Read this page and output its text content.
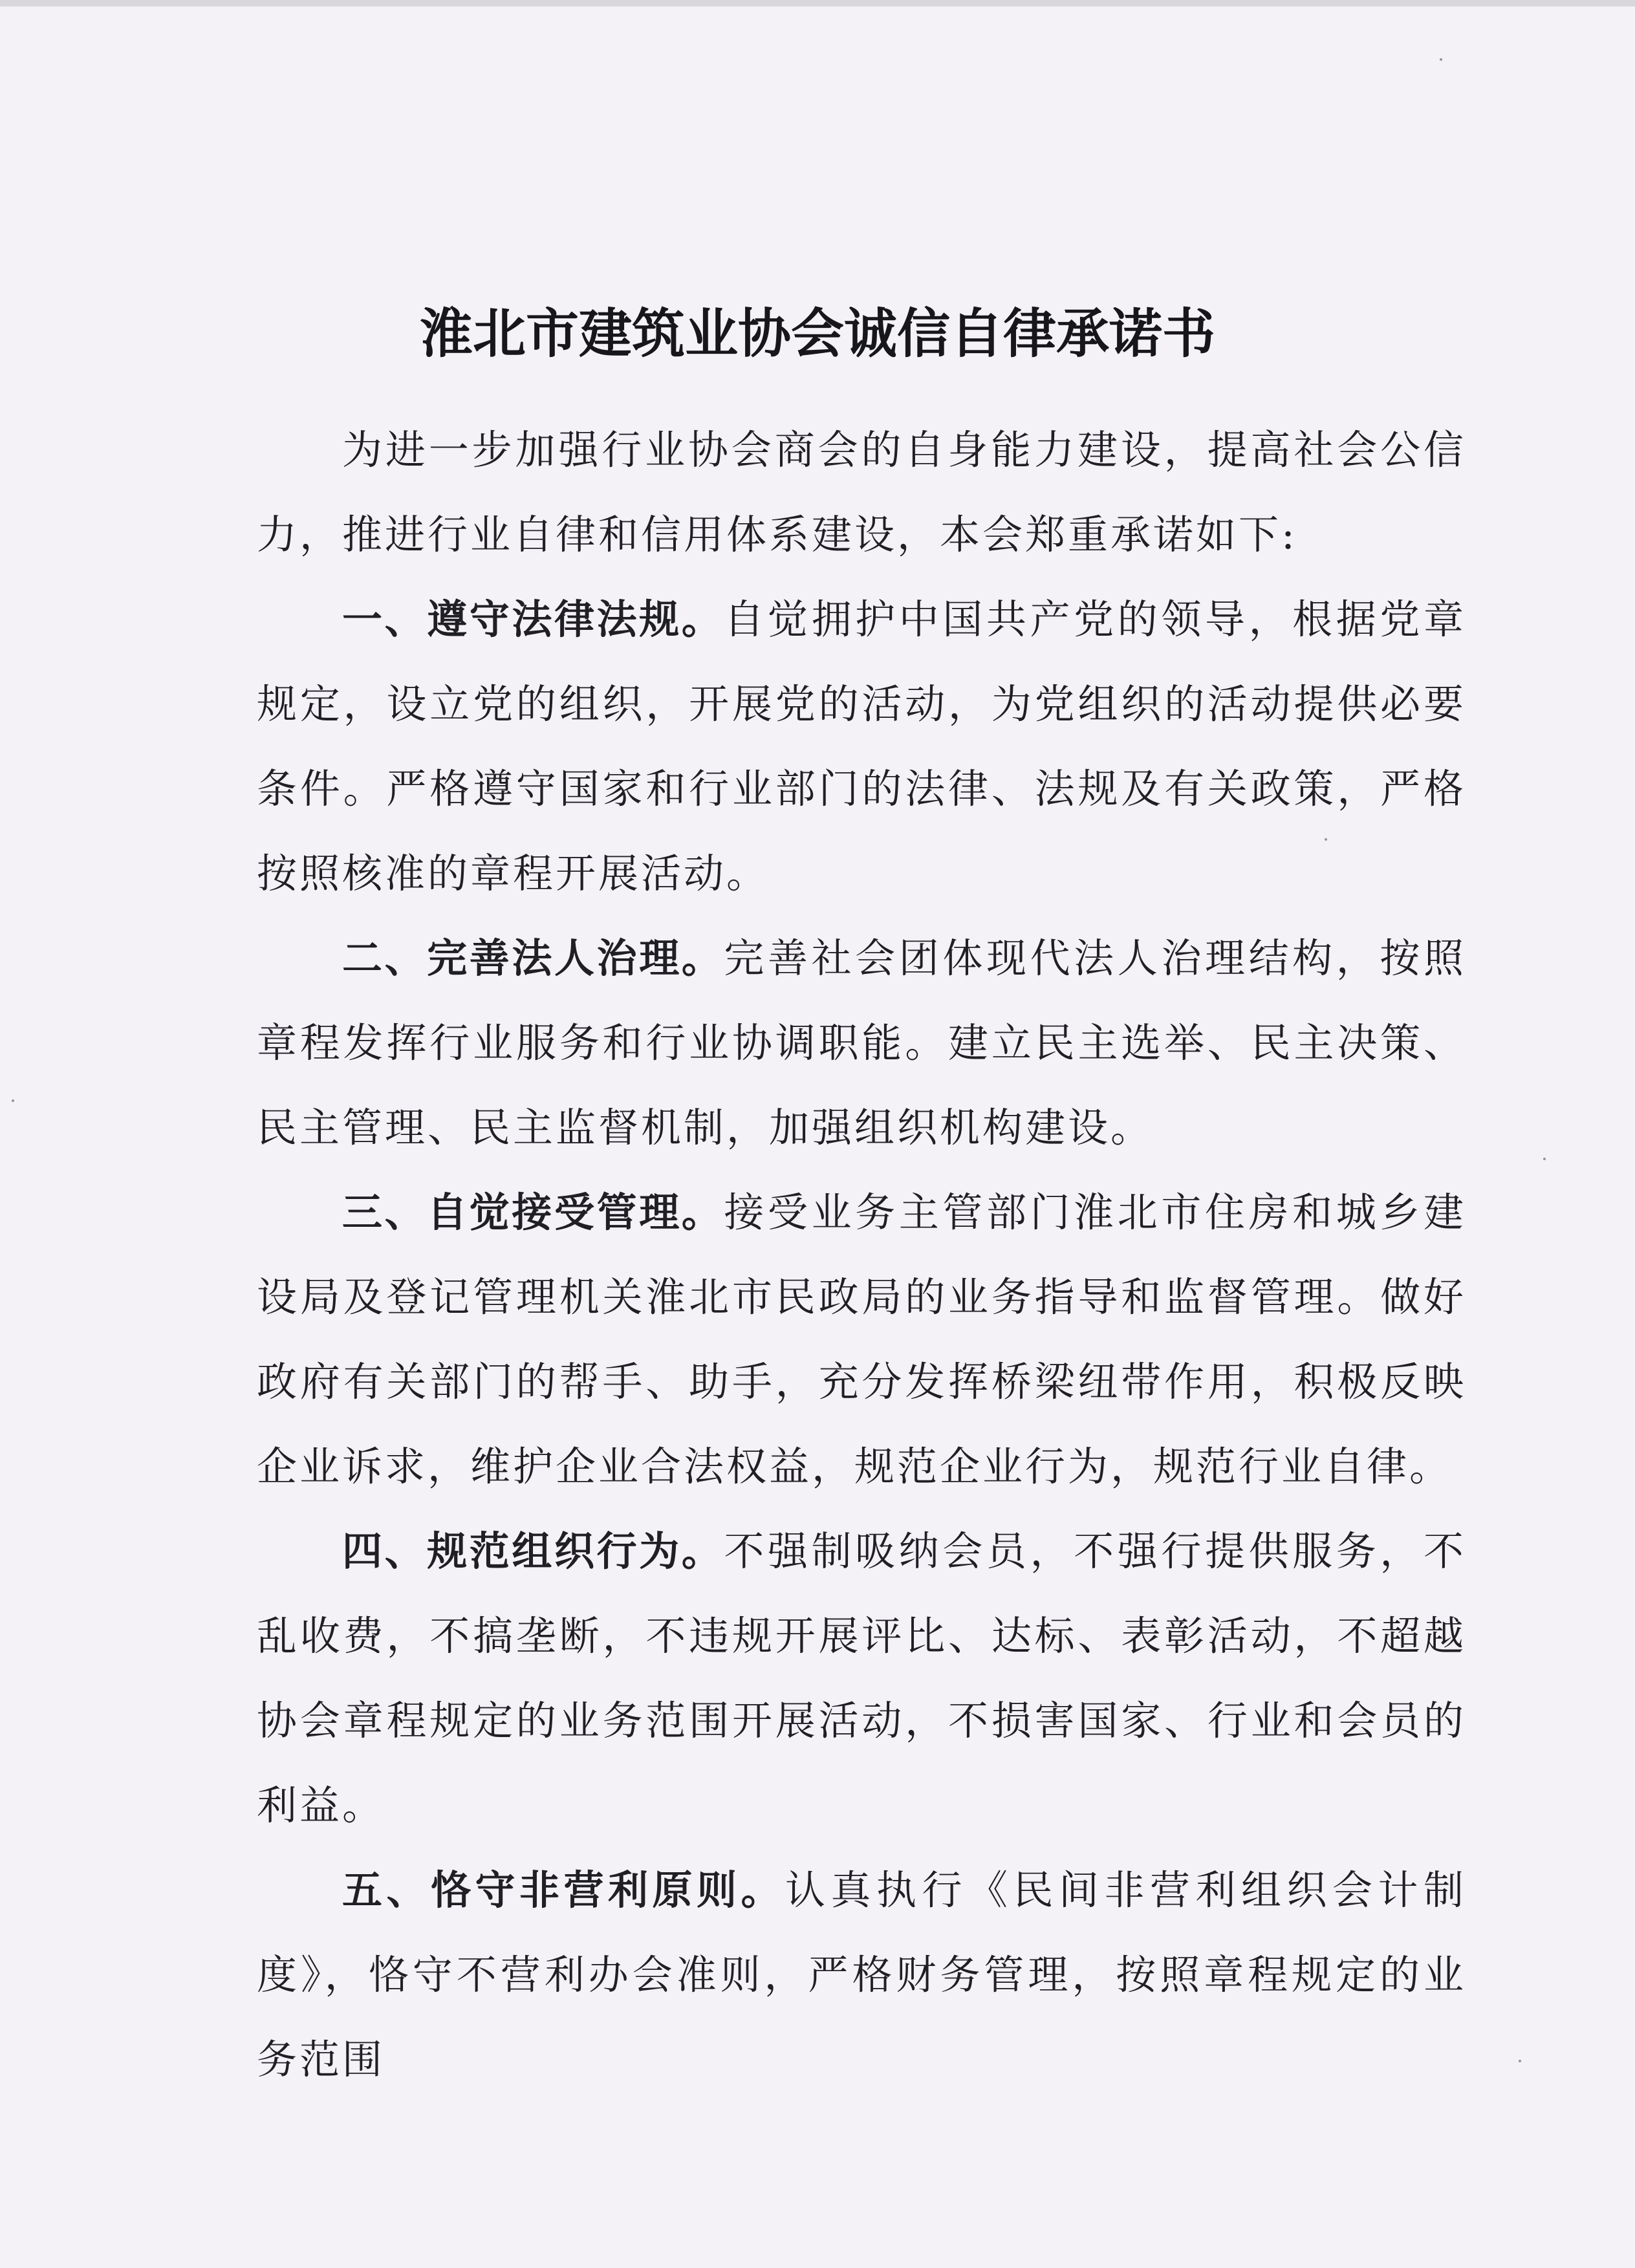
淮北市建筑业协会诚信自律承诺书

为进一步加强行业协会商会的自身能力建设，提高社会公信力，推进行业自律和信用体系建设，本会郑重承诺如下:

一、遵守法律法规。自觉拥护中国共产党的领导，根据党章规定，设立党的组织，开展党的活动，为党组织的活动提供必要条件。严格遵守国家和行业部门的法律、法规及有关政策，严格按照核准的章程开展活动。

二、完善法人治理。完善社会团体现代法人治理结构，按照章程发挥行业服务和行业协调职能。建立民主选举、民主决策、民主管理、民主监督机制，加强组织机构建设。

三、自觉接受管理。接受业务主管部门淮北市住房和城乡建设局及登记管理机关淮北市民政局的业务指导和监督管理。做好政府有关部门的帮手、助手，充分发挥桥梁纽带作用，积极反映企业诉求，维护企业合法权益，规范企业行为，规范行业自律。

四、规范组织行为。不强制吸纳会员，不强行提供服务，不乱收费，不搞垄断，不违规开展评比、达标、表彰活动，不超越协会章程规定的业务范围开展活动，不损害国家、行业和会员的利益。

五、恪守非营利原则。认真执行《民间非营利组织会计制度》，恪守不营利办会准则，严格财务管理，按照章程规定的业务范围
